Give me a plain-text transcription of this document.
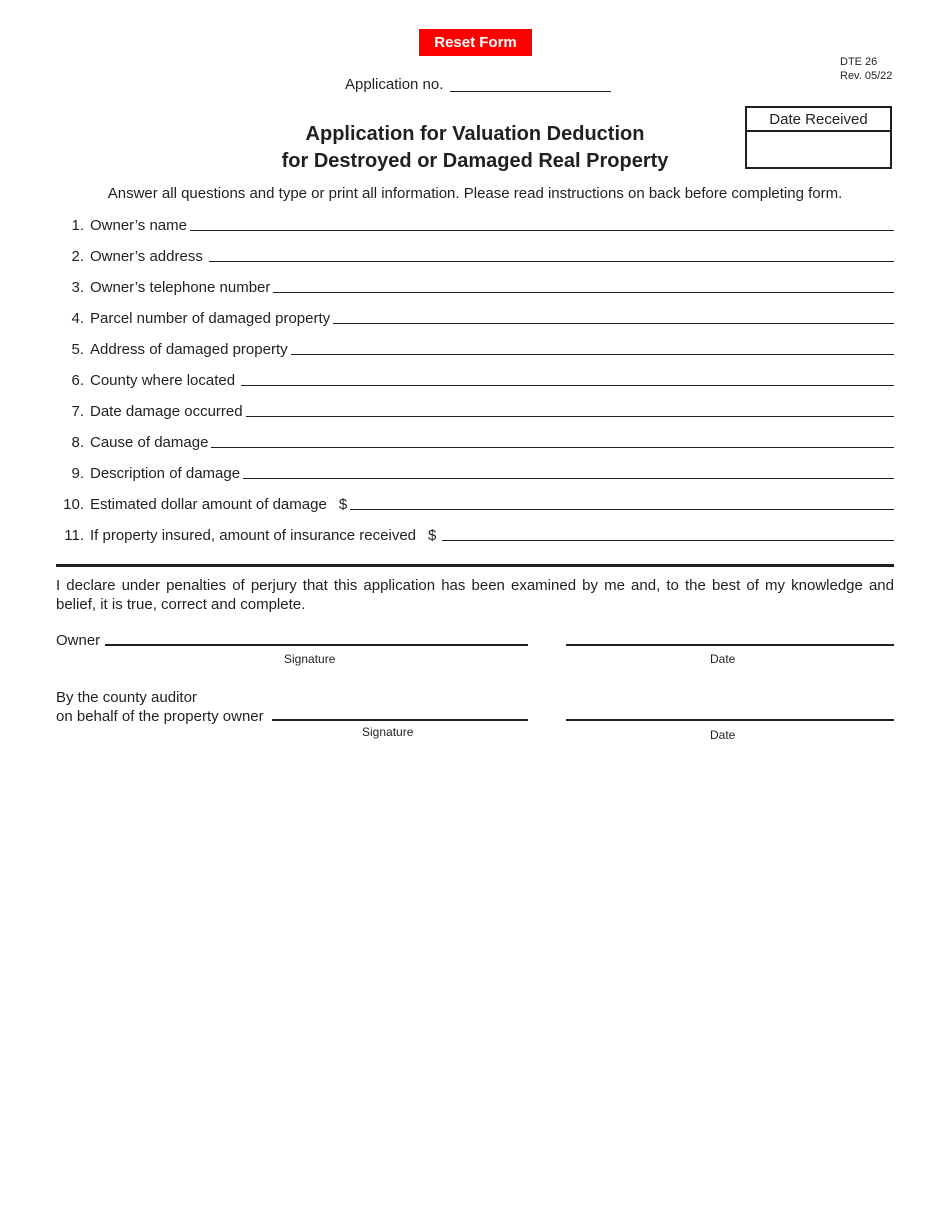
Reset Form
DTE 26
Rev. 05/22
Application no.
Date Received
Application for Valuation Deduction
for Destroyed or Damaged Real Property
Answer all questions and type or print all information. Please read instructions on back before completing form.
1. Owner’s name
2. Owner’s address
3. Owner’s telephone number
4. Parcel number of damaged property
5. Address of damaged property
6. County where located
7. Date damage occurred
8. Cause of damage
9. Description of damage
10. Estimated dollar amount of damage $
11. If property insured, amount of insurance received $
I declare under penalties of perjury that this application has been examined by me and, to the best of my knowledge and belief, it is true, correct and complete.
Owner
Signature	Date
By the county auditor
on behalf of the property owner
Signature	Date
